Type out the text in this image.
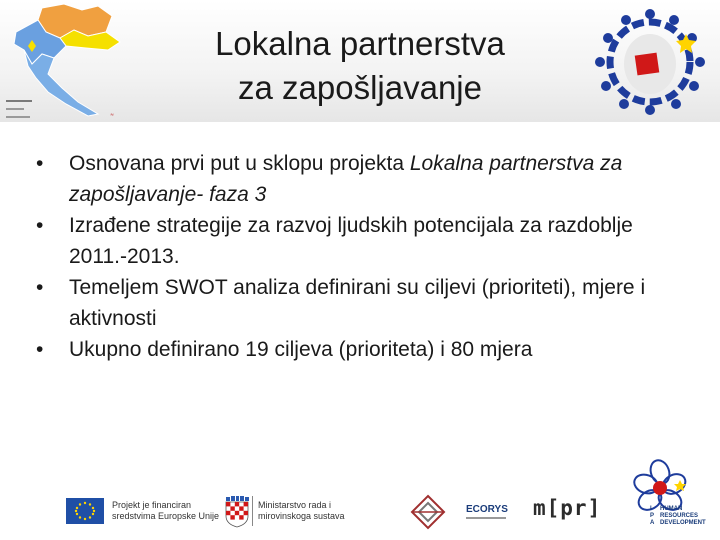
≈
Lokalna partnerstva
za zapošljavanje
• Osnovana prvi put u sklopu projekta Lokalna partnerstva za zapošljavanje- faza 3
• Izrađene strategije za razvoj ljudskih potencijala za razdoblje 2011.-2013.
• Temeljem SWOT analiza definirani su ciljevi (prioriteti), mjere i aktivnosti
• Ukupno definirano 19 ciljeva (prioriteta) i 80 mjera
Projekt je financiran
sredstvima Europske Unije
Ministarstvo rada i
mirovinskoga sustava
ECORYS m[pr]	I
P
A
HUMAN
RESOURCES
DEVELOPMENT
